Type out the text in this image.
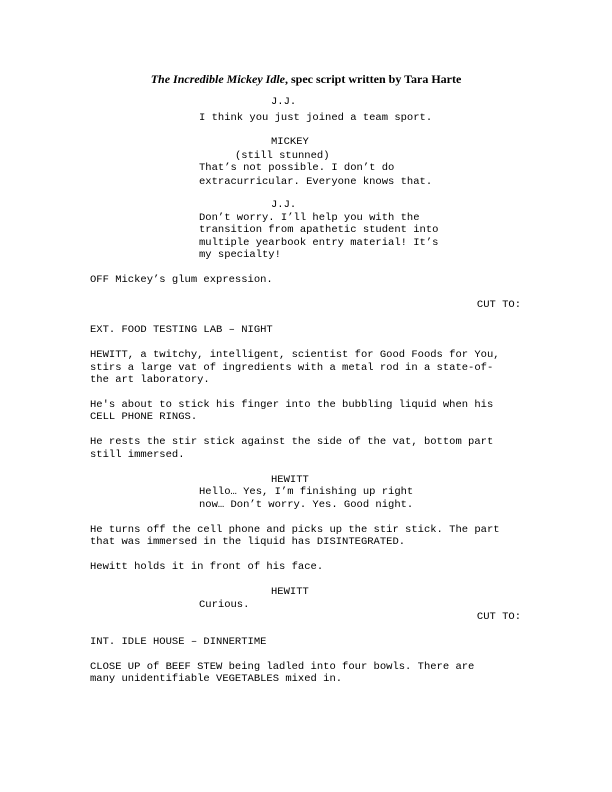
The Incredible Mickey Idle, spec script written by Tara Harte
J.J.
I think you just joined a team sport.
MICKEY
(still stunned)
That’s not possible. I don’t do
extracurricular. Everyone knows that.
J.J.
Don’t worry. I’ll help you with the
transition from apathetic student into
multiple yearbook entry material! It’s
my specialty!
OFF Mickey’s glum expression.
CUT TO:
EXT. FOOD TESTING LAB – NIGHT
HEWITT, a twitchy, intelligent, scientist for Good Foods for You,
stirs a large vat of ingredients with a metal rod in a state-of-
the art laboratory.
He's about to stick his finger into the bubbling liquid when his
CELL PHONE RINGS.
He rests the stir stick against the side of the vat, bottom part
still immersed.
HEWITT
Hello… Yes, I’m finishing up right
now… Don’t worry. Yes. Good night.
He turns off the cell phone and picks up the stir stick. The part
that was immersed in the liquid has DISINTEGRATED.
Hewitt holds it in front of his face.
HEWITT
Curious.
CUT TO:
INT. IDLE HOUSE – DINNERTIME
CLOSE UP of BEEF STEW being ladled into four bowls. There are
many unidentifiable VEGETABLES mixed in.
